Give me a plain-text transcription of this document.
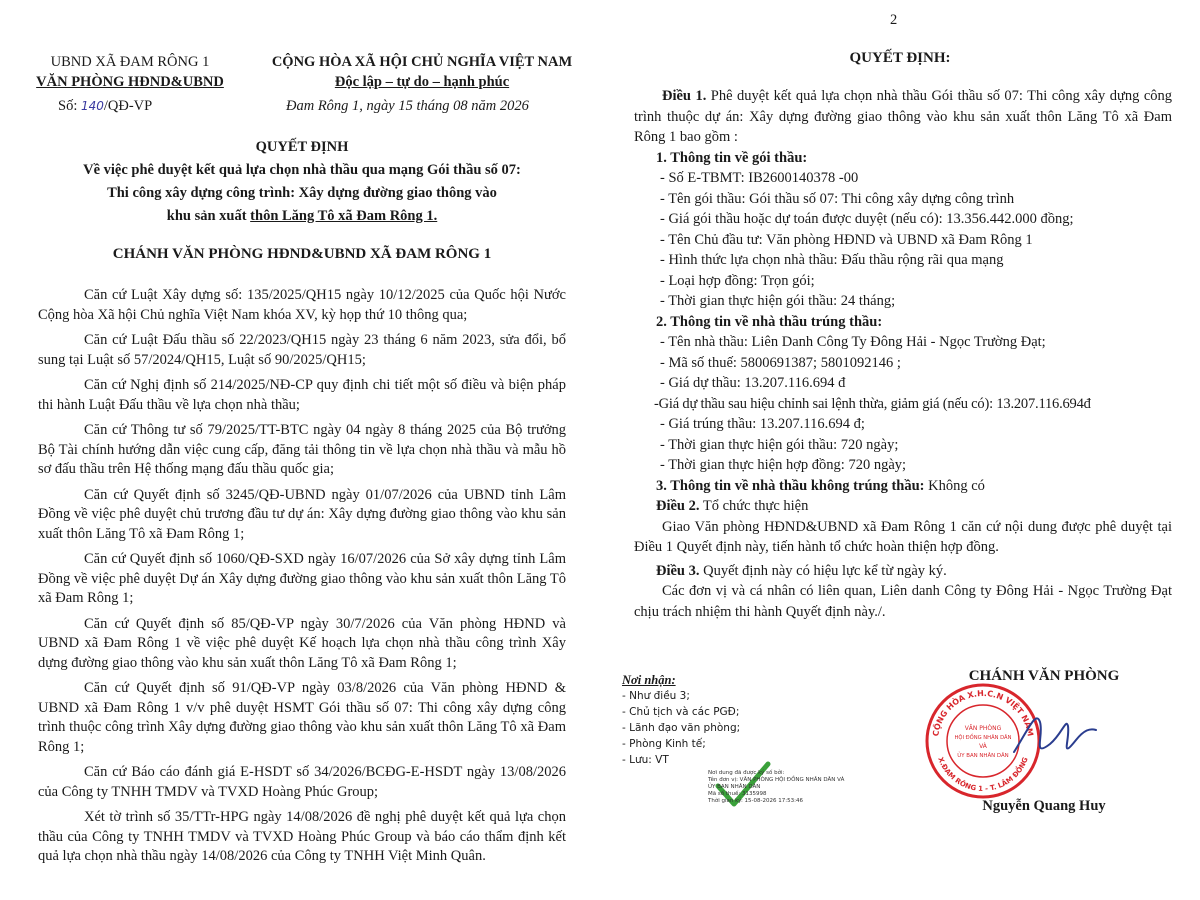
UBND XÃ ĐAM RÔNG 1
VĂN PHÒNG HĐND&UBND
CỘNG HÒA XÃ HỘI CHỦ NGHĨA VIỆT NAM
Độc lập – tự do – hạnh phúc
Số: 140/QĐ-VP	Đam Rông 1, ngày 15 tháng 08 năm 2026
QUYẾT ĐỊNH
Về việc phê duyệt kết quả lựa chọn nhà thầu qua mạng Gói thầu số 07:
Thi công xây dựng công trình: Xây dựng đường giao thông vào
khu sản xuất thôn Lăng Tô xã Đam Rông 1.
CHÁNH VĂN PHÒNG HĐND&UBND XÃ ĐAM RÔNG 1

Căn cứ Luật Xây dựng số: 135/2025/QH15 ngày 10/12/2025 của Quốc hội Nước Cộng hòa Xã hội Chủ nghĩa Việt Nam khóa XV, kỳ họp thứ 10 thông qua;

Căn cứ Luật Đấu thầu số 22/2023/QH15 ngày 23 tháng 6 năm 2023, sửa đổi, bổ sung tại Luật số 57/2024/QH15, Luật số 90/2025/QH15;

Căn cứ Nghị định số 214/2025/NĐ-CP quy định chi tiết một số điều và biện pháp thi hành Luật Đấu thầu về lựa chọn nhà thầu;

Căn cứ Thông tư số 79/2025/TT-BTC ngày 04 ngày 8 tháng 2025 của Bộ trưởng Bộ Tài chính hướng dẫn việc cung cấp, đăng tải thông tin về lựa chọn nhà thầu và mẫu hồ sơ đấu thầu trên Hệ thống mạng đấu thầu quốc gia;

Căn cứ Quyết định số 3245/QĐ-UBND ngày 01/07/2026 của UBND tỉnh Lâm Đồng về việc phê duyệt chủ trương đầu tư dự án: Xây dựng đường giao thông vào khu sản xuất thôn Lăng Tô xã Đam Rông 1;

Căn cứ Quyết định số 1060/QĐ-SXD ngày 16/07/2026 của Sở xây dựng tỉnh Lâm Đồng về việc phê duyệt Dự án Xây dựng đường giao thông vào khu sản xuất thôn Lăng Tô xã Đam Rông 1;

Căn cứ Quyết định số 85/QĐ-VP ngày 30/7/2026 của Văn phòng HĐND và UBND xã Đam Rông 1 về việc phê duyệt Kế hoạch lựa chọn nhà thầu công trình Xây dựng đường giao thông vào khu sản xuất thôn Lăng Tô xã Đam Rông 1;

Căn cứ Quyết định số 91/QĐ-VP ngày 03/8/2026 của Văn phòng HĐND & UBND xã Đam Rông 1 v/v phê duyệt HSMT Gói thầu số 07: Thi công xây dựng công trình thuộc công trình Xây dựng đường giao thông vào khu sản xuất thôn Lăng Tô xã Đam Rông 1;

Căn cứ Báo cáo đánh giá E-HSDT số 34/2026/BCĐG-E-HSDT ngày 13/08/2026 của Công ty TNHH TMDV và TVXD Hoàng Phúc Group;

Xét tờ trình số 35/TTr-HPG ngày 14/08/2026 đề nghị phê duyệt kết quả lựa chọn thầu của Công ty TNHH TMDV và TVXD Hoàng Phúc Group và báo cáo thẩm định kết quả lựa chọn nhà thầu ngày 14/08/2026 của Công ty TNHH Việt Minh Quân.

2
QUYẾT ĐỊNH:

Điều 1. Phê duyệt kết quả lựa chọn nhà thầu Gói thầu số 07: Thi công xây dựng công trình thuộc dự án: Xây dựng đường giao thông vào khu sản xuất thôn Lăng Tô xã Đam Rông 1 bao gồm :

1. Thông tin về gói thầu:

- Số E-TBMT: IB2600140378 -00

- Tên gói thầu: Gói thầu số 07: Thi công xây dựng công trình

- Giá gói thầu hoặc dự toán được duyệt (nếu có): 13.356.442.000 đồng;

- Tên Chủ đầu tư: Văn phòng HĐND và UBND xã Đam Rông 1

- Hình thức lựa chọn nhà thầu: Đấu thầu rộng rãi qua mạng

- Loại hợp đồng: Trọn gói;

- Thời gian thực hiện gói thầu: 24 tháng;

2. Thông tin về nhà thầu trúng thầu:

- Tên nhà thầu: Liên Danh Công Ty Đông Hải - Ngọc Trường Đạt;

- Mã số thuế: 5800691387; 5801092146 ;

- Giá dự thầu: 13.207.116.694 đ

-Giá dự thầu sau hiệu chỉnh sai lệnh thừa, giảm giá (nếu có): 13.207.116.694đ

- Giá trúng thầu: 13.207.116.694 đ;

- Thời gian thực hiện gói thầu: 720 ngày;

- Thời gian thực hiện hợp đồng: 720 ngày;

3. Thông tin về nhà thầu không trúng thầu: Không có

Điều 2. Tổ chức thực hiện

Giao Văn phòng HĐND&UBND xã Đam Rông 1 căn cứ nội dung được phê duyệt tại Điều 1 Quyết định này, tiến hành tổ chức hoàn thiện hợp đồng.

Điều 3. Quyết định này có hiệu lực kể từ ngày ký.

Các đơn vị và cá nhân có liên quan, Liên danh Công ty Đông Hải - Ngọc Trường Đạt chịu trách nhiệm thi hành Quyết định này./.

Nơi nhận:
- Như điều 3;
- Chủ tịch và các PGĐ;
- Lãnh đạo văn phòng;
- Phòng Kinh tế;
- Lưu: VT
Nơi dung đã được ký số bởi:
Tên đơn vị: VĂN PHÒNG HỘI ĐỒNG NHÂN DÂN VÀ
ỦY BAN NHÂN DÂN
Mã số thuế: 3135998
Thời gian ký: 15-08-2026 17:53:46
CHÁNH VĂN PHÒNG
CỘNG HÒA X.H.C.N VIỆT NAM
X.ĐAM RÔNG 1 - T. LÂM ĐỒNG
VĂN PHÒNG
HỘI ĐỒNG NHÂN DÂN
VÀ
ỦY BAN NHÂN DÂN
Nguyễn Quang Huy
